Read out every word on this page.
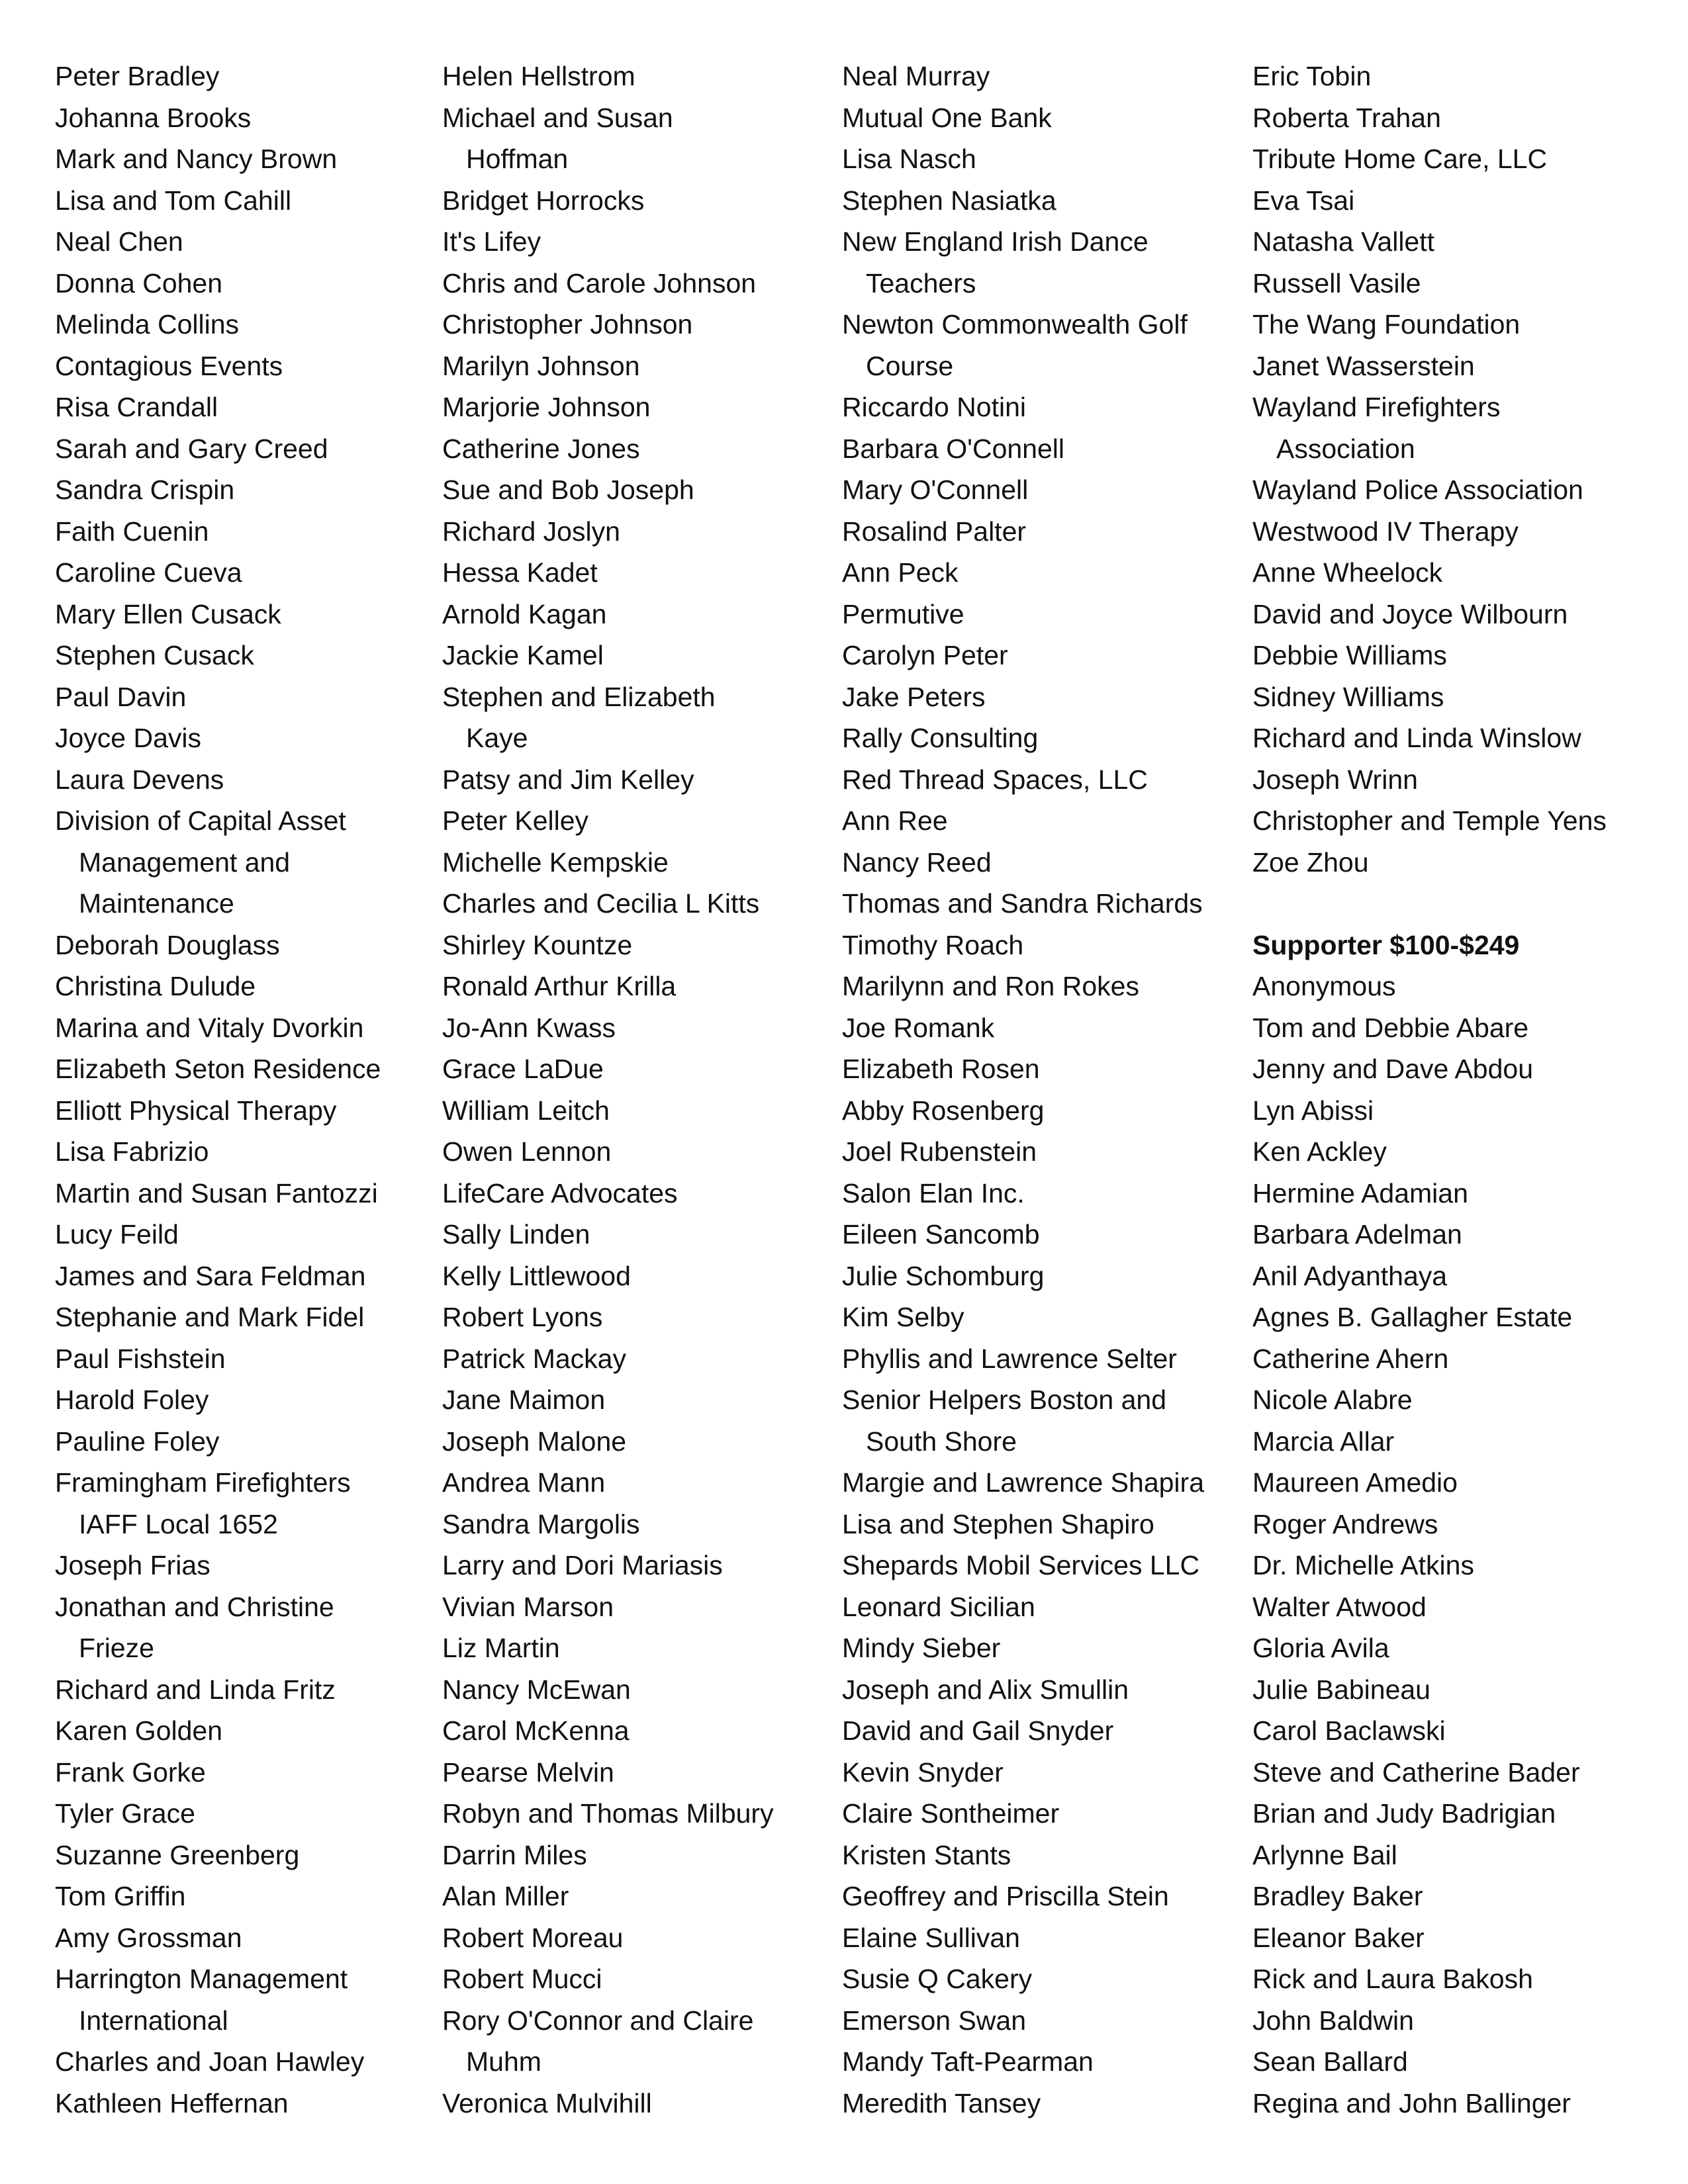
Peter Bradley
Johanna Brooks
Mark and Nancy Brown
Lisa and Tom Cahill
Neal Chen
Donna Cohen
Melinda Collins
Contagious Events
Risa Crandall
Sarah and Gary Creed
Sandra Crispin
Faith Cuenin
Caroline Cueva
Mary Ellen Cusack
Stephen Cusack
Paul Davin
Joyce Davis
Laura Devens
Division of Capital Asset
Management and
Maintenance
Deborah Douglass
Christina Dulude
Marina and Vitaly Dvorkin
Elizabeth Seton Residence
Elliott Physical Therapy
Lisa Fabrizio
Martin and Susan Fantozzi
Lucy Feild
James and Sara Feldman
Stephanie and Mark Fidel
Paul Fishstein
Harold Foley
Pauline Foley
Framingham Firefighters
IAFF Local 1652
Joseph Frias
Jonathan and Christine
Frieze
Richard and Linda Fritz
Karen Golden
Frank Gorke
Tyler Grace
Suzanne Greenberg
Tom Griffin
Amy Grossman
Harrington Management
International
Charles and Joan Hawley
Kathleen Heffernan
Helen Hellstrom
Michael and Susan
Hoffman
Bridget Horrocks
It's Lifey
Chris and Carole Johnson
Christopher Johnson
Marilyn Johnson
Marjorie Johnson
Catherine Jones
Sue and Bob Joseph
Richard Joslyn
Hessa Kadet
Arnold Kagan
Jackie Kamel
Stephen and Elizabeth
Kaye
Patsy and Jim Kelley
Peter Kelley
Michelle Kempskie
Charles and Cecilia L Kitts
Shirley Kountze
Ronald Arthur Krilla
Jo-Ann Kwass
Grace LaDue
William Leitch
Owen Lennon
LifeCare Advocates
Sally Linden
Kelly Littlewood
Robert Lyons
Patrick Mackay
Jane Maimon
Joseph Malone
Andrea Mann
Sandra Margolis
Larry and Dori Mariasis
Vivian Marson
Liz Martin
Nancy McEwan
Carol McKenna
Pearse Melvin
Robyn and Thomas Milbury
Darrin Miles
Alan Miller
Robert Moreau
Robert Mucci
Rory O'Connor and Claire
Muhm
Veronica Mulvihill
Neal Murray
Mutual One Bank
Lisa Nasch
Stephen Nasiatka
New England Irish Dance
Teachers
Newton Commonwealth Golf
Course
Riccardo Notini
Barbara O'Connell
Mary O'Connell
Rosalind Palter
Ann Peck
Permutive
Carolyn Peter
Jake Peters
Rally Consulting
Red Thread Spaces, LLC
Ann Ree
Nancy Reed
Thomas and Sandra Richards
Timothy Roach
Marilynn and Ron Rokes
Joe Romank
Elizabeth Rosen
Abby Rosenberg
Joel Rubenstein
Salon Elan Inc.
Eileen Sancomb
Julie Schomburg
Kim Selby
Phyllis and Lawrence Selter
Senior Helpers Boston and
South Shore
Margie and Lawrence Shapira
Lisa and Stephen Shapiro
Shepards Mobil Services LLC
Leonard Sicilian
Mindy Sieber
Joseph and Alix Smullin
David and Gail Snyder
Kevin Snyder
Claire Sontheimer
Kristen Stants
Geoffrey and Priscilla Stein
Elaine Sullivan
Susie Q Cakery
Emerson Swan
Mandy Taft-Pearman
Meredith Tansey
Eric Tobin
Roberta Trahan
Tribute Home Care, LLC
Eva Tsai
Natasha Vallett
Russell Vasile
The Wang Foundation
Janet Wasserstein
Wayland Firefighters
Association
Wayland Police Association
Westwood IV Therapy
Anne Wheelock
David and Joyce Wilbourn
Debbie Williams
Sidney Williams
Richard and Linda Winslow
Joseph Wrinn
Christopher and Temple Yens
Zoe Zhou
Supporter $100-$249
Anonymous
Tom and Debbie Abare
Jenny and Dave Abdou
Lyn Abissi
Ken Ackley
Hermine Adamian
Barbara Adelman
Anil Adyanthaya
Agnes B. Gallagher Estate
Catherine Ahern
Nicole Alabre
Marcia Allar
Maureen Amedio
Roger Andrews
Dr. Michelle Atkins
Walter Atwood
Gloria Avila
Julie Babineau
Carol Baclawski
Steve and Catherine Bader
Brian and Judy Badrigian
Arlynne Bail
Bradley Baker
Eleanor Baker
Rick and Laura Bakosh
John Baldwin
Sean Ballard
Regina and John Ballinger
